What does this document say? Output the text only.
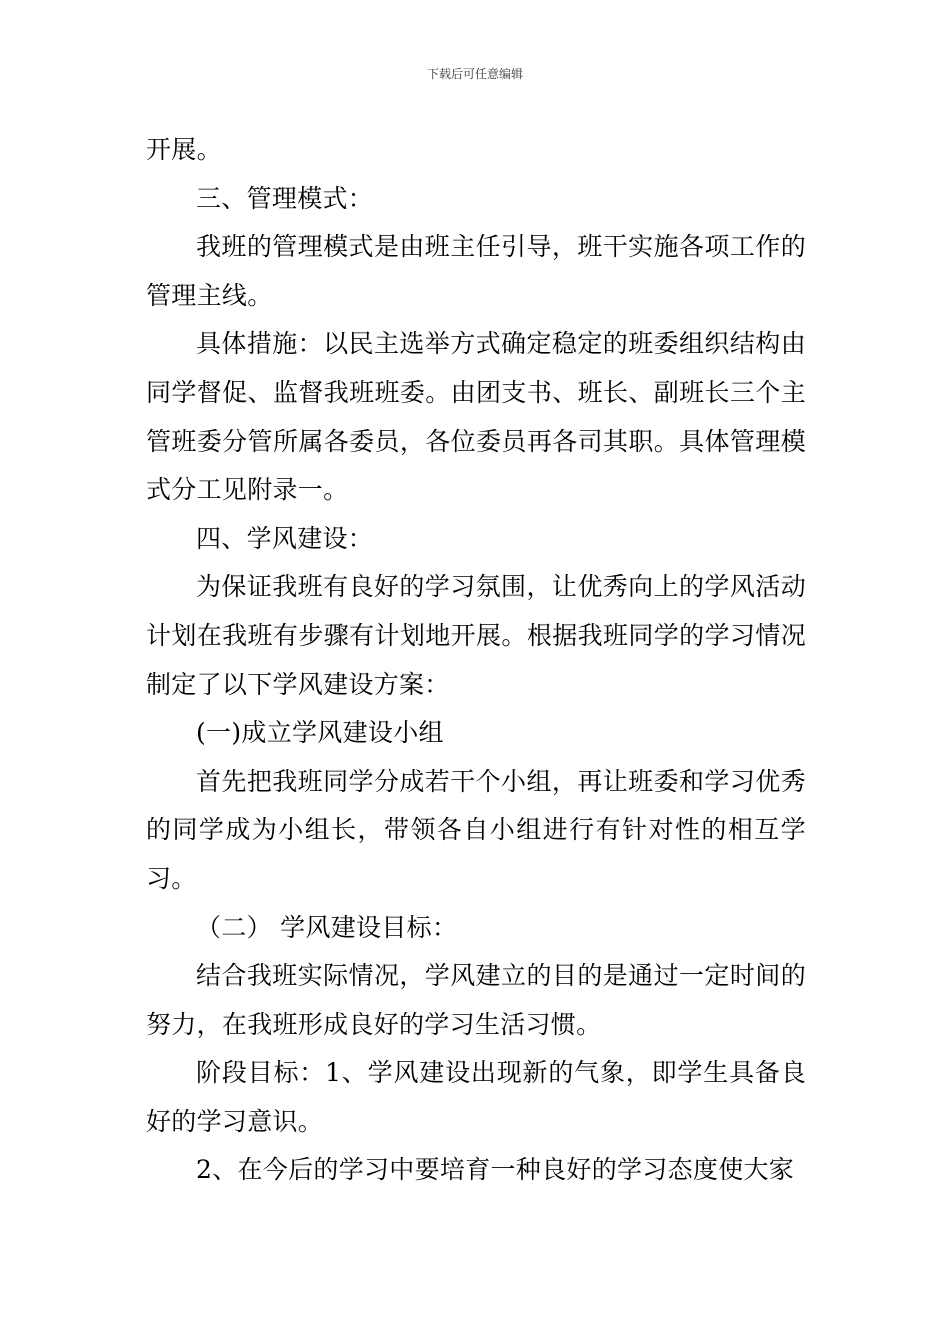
下载后可任意编辑

开展。

三、管理模式：

我班的管理模式是由班主任引导，班干实施各项工作的管理主线。

具体措施：以民主选举方式确定稳定的班委组织结构由同学督促、监督我班班委。由团支书、班长、副班长三个主管班委分管所属各委员，各位委员再各司其职。具体管理模式分工见附录一。

四、学风建设：

为保证我班有良好的学习氛围，让优秀向上的学风活动计划在我班有步骤有计划地开展。根据我班同学的学习情况制定了以下学风建设方案：

(一)成立学风建设小组

首先把我班同学分成若干个小组，再让班委和学习优秀的同学成为小组长，带领各自小组进行有针对性的相互学习。

（二） 学风建设目标：

结合我班实际情况，学风建立的目的是通过一定时间的努力，在我班形成良好的学习生活习惯。

阶段目标：1、学风建设出现新的气象，即学生具备良好的学习意识。

2、在今后的学习中要培育一种良好的学习态度使大家
